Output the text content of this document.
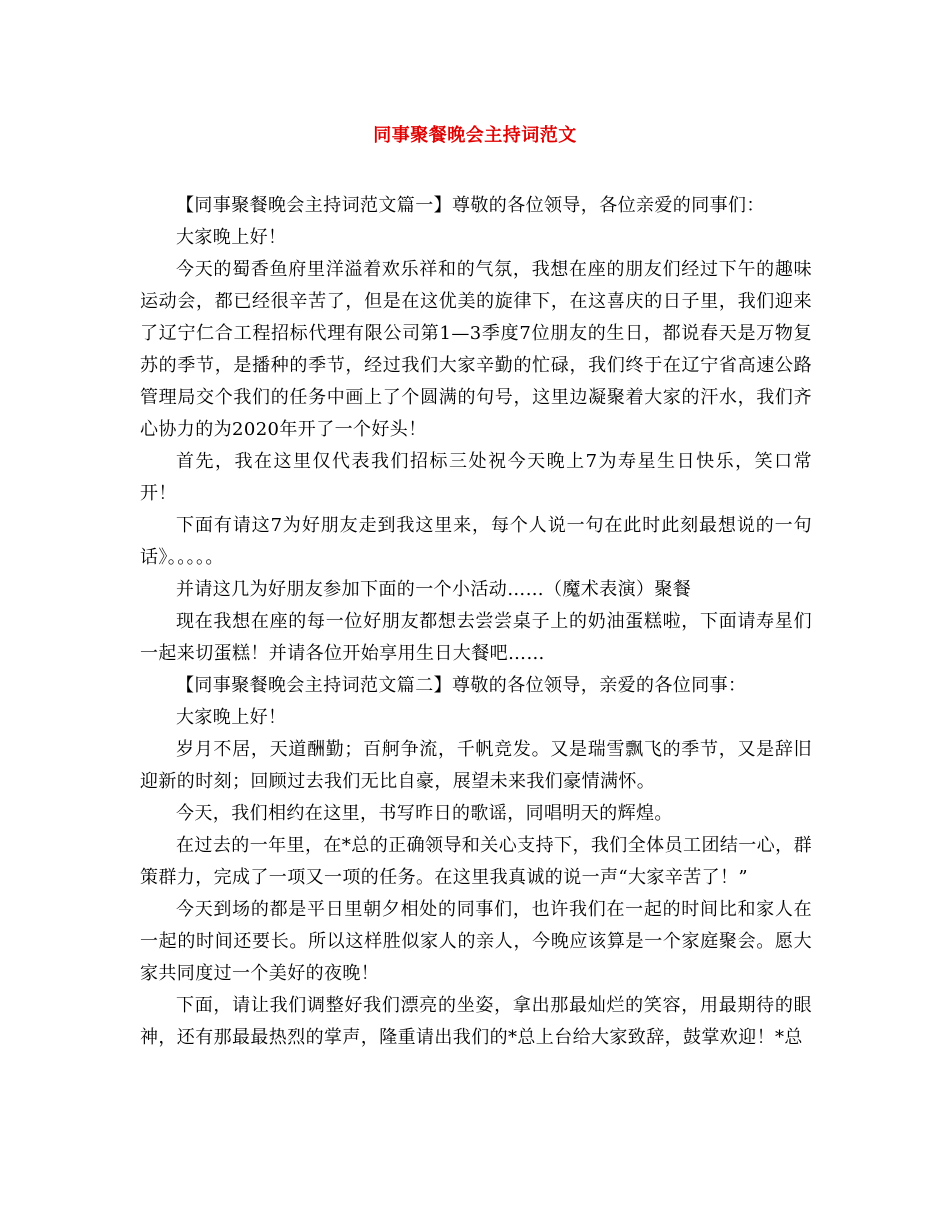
同事聚餐晚会主持词范文

【同事聚餐晚会主持词范文篇一】尊敬的各位领导，各位亲爱的同事们：

大家晚上好！

今天的蜀香鱼府里洋溢着欢乐祥和的气氛，我想在座的朋友们经过下午的趣味运动会，都已经很辛苦了，但是在这优美的旋律下，在这喜庆的日子里，我们迎来了辽宁仁合工程招标代理有限公司第1—3季度7位朋友的生日，都说春天是万物复苏的季节，是播种的季节，经过我们大家辛勤的忙碌，我们终于在辽宁省高速公路管理局交个我们的任务中画上了个圆满的句号，这里边凝聚着大家的汗水，我们齐心协力的为2020年开了一个好头！

首先，我在这里仅代表我们招标三处祝今天晚上7为寿星生日快乐，笑口常开！

下面有请这7为好朋友走到我这里来，每个人说一句在此时此刻最想说的一句话》。。。。。

并请这几为好朋友参加下面的一个小活动……（魔术表演）聚餐

现在我想在座的每一位好朋友都想去尝尝桌子上的奶油蛋糕啦，下面请寿星们一起来切蛋糕！并请各位开始享用生日大餐吧……

【同事聚餐晚会主持词范文篇二】尊敬的各位领导，亲爱的各位同事：

大家晚上好！

岁月不居，天道酬勤；百舸争流，千帆竞发。又是瑞雪飘飞的季节，又是辞旧迎新的时刻；回顾过去我们无比自豪，展望未来我们豪情满怀。

今天，我们相约在这里，书写昨日的歌谣，同唱明天的辉煌。

在过去的一年里，在*总的正确领导和关心支持下，我们全体员工团结一心，群策群力，完成了一项又一项的任务。在这里我真诚的说一声“大家辛苦了！”

今天到场的都是平日里朝夕相处的同事们，也许我们在一起的时间比和家人在一起的时间还要长。所以这样胜似家人的亲人，今晚应该算是一个家庭聚会。愿大家共同度过一个美好的夜晚！

下面，请让我们调整好我们漂亮的坐姿，拿出那最灿烂的笑容，用最期待的眼神，还有那最最热烈的掌声，隆重请出我们的*总上台给大家致辞，鼓掌欢迎！*总
